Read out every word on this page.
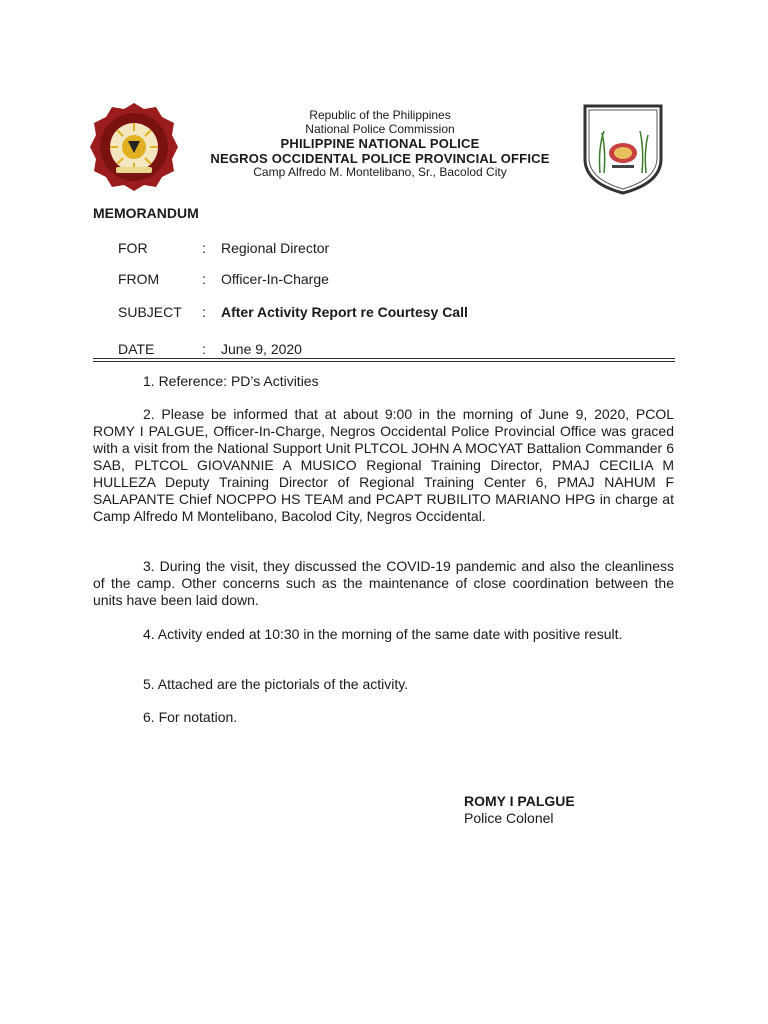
Republic of the Philippines
National Police Commission
PHILIPPINE NATIONAL POLICE
NEGROS OCCIDENTAL POLICE PROVINCIAL OFFICE
Camp Alfredo M. Montelibano, Sr., Bacolod City
MEMORANDUM
FOR	: Regional Director
FROM	: Officer-In-Charge
SUBJECT : After Activity Report re Courtesy Call
DATE	: June 9, 2020
1. Reference: PD’s Activities
2. Please be informed that at about 9:00 in the morning of June 9, 2020, PCOL ROMY I PALGUE, Officer-In-Charge, Negros Occidental Police Provincial Office was graced with a visit from the National Support Unit PLTCOL JOHN A MOCYAT Battalion Commander 6 SAB, PLTCOL GIOVANNIE A MUSICO Regional Training Director, PMAJ CECILIA M HULLEZA Deputy Training Director of Regional Training Center 6, PMAJ NAHUM F SALAPANTE Chief NOCPPO HS TEAM and PCAPT RUBILITO MARIANO HPG in charge at Camp Alfredo M Montelibano, Bacolod City, Negros Occidental.
3. During the visit, they discussed the COVID-19 pandemic and also the cleanliness of the camp. Other concerns such as the maintenance of close coordination between the units have been laid down.
4. Activity ended at 10:30 in the morning of the same date with positive result.
5. Attached are the pictorials of the activity.
6. For notation.
ROMY I PALGUE
Police Colonel
